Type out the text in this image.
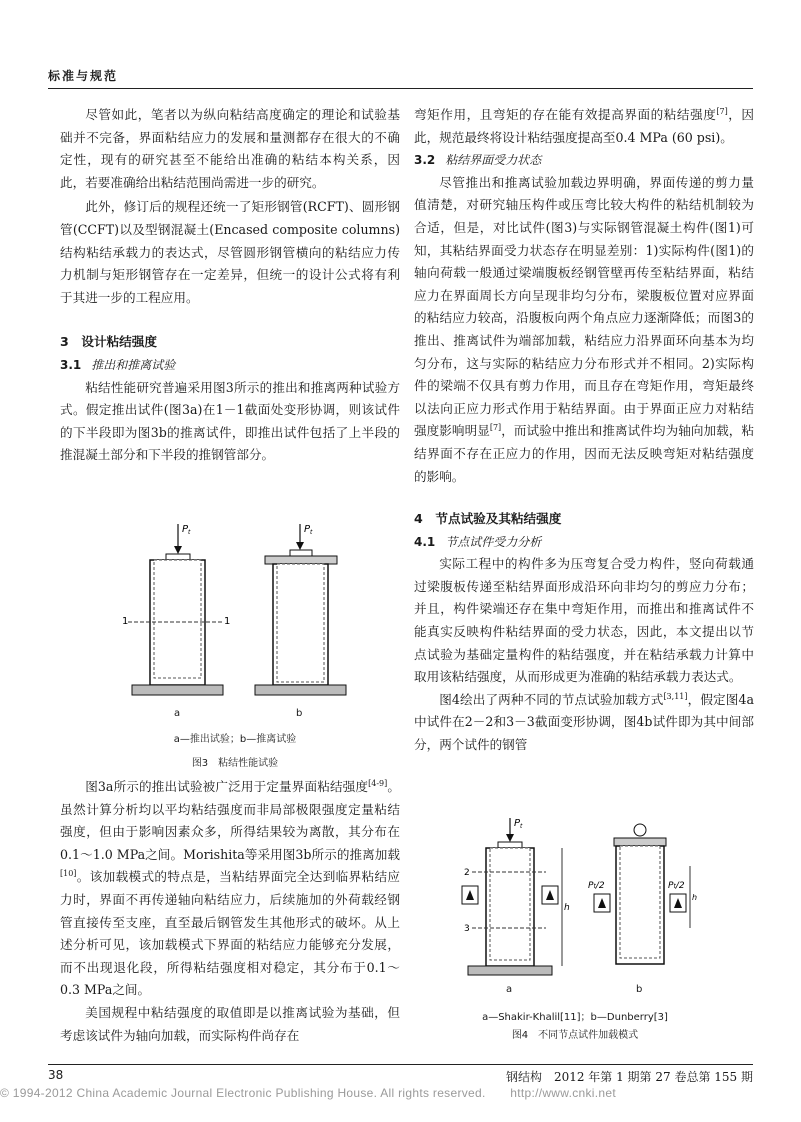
标准与规范

尽管如此，笔者以为纵向粘结高度确定的理论和试验基础并不完备，界面粘结应力的发展和量测都存在很大的不确定性，现有的研究甚至不能给出准确的粘结本构关系，因此，若要准确给出粘结范围尚需进一步的研究。

此外，修订后的规程还统一了矩形钢管(RCFT)、圆形钢管(CCFT)以及型钢混凝土(Encased composite columns)结构粘结承载力的表达式，尽管圆形钢管横向的粘结应力传力机制与矩形钢管存在一定差异，但统一的设计公式将有利于其进一步的工程应用。

3　设计粘结强度

3.1 推出和推离试验

粘结性能研究普遍采用图3所示的推出和推离两种试验方式。假定推出试件(图3a)在1－1截面处变形协调，则该试件的下半段即为图3b的推离试件，即推出试件包括了上半段的推混凝土部分和下半段的推钢管部分。

$P_t$
1	1
$P_t$
a	b
a—推出试验；b—推离试验
图3　粘结性能试验

图3a所示的推出试验被广泛用于定量界面粘结强度[4-9]。虽然计算分析均以平均粘结强度而非局部极限强度定量粘结强度，但由于影响因素众多，所得结果较为离散，其分布在0.1～1.0 MPa之间。Morishita等采用图3b所示的推离加载[10]。该加载模式的特点是，当粘结界面完全达到临界粘结应力时，界面不再传递轴向粘结应力，后续施加的外荷载经钢管直接传至支座，直至最后钢管发生其他形式的破坏。从上述分析可见，该加载模式下界面的粘结应力能够充分发展，而不出现退化段，所得粘结强度相对稳定，其分布于0.1～0.3 MPa之间。

美国规程中粘结强度的取值即是以推离试验为基础，但考虑该试件为轴向加载，而实际构件尚存在

弯矩作用，且弯矩的存在能有效提高界面的粘结强度[7]，因此，规范最终将设计粘结强度提高至0.4 MPa (60 psi)。

3.2 粘结界面受力状态

尽管推出和推离试验加载边界明确，界面传递的剪力量值清楚，对研究轴压构件或压弯比较大构件的粘结机制较为合适，但是，对比试件(图3)与实际钢管混凝土构件(图1)可知，其粘结界面受力状态存在明显差别：1)实际构件(图1)的轴向荷载一般通过梁端腹板经钢管壁再传至粘结界面，粘结应力在界面周长方向呈现非均匀分布，梁腹板位置对应界面的粘结应力较高，沿腹板向两个角点应力逐渐降低；而图3的推出、推离试件为端部加载，粘结应力沿界面环向基本为均匀分布，这与实际的粘结应力分布形式并不相同。2)实际构件的梁端不仅具有剪力作用，而且存在弯矩作用，弯矩最终以法向正应力形式作用于粘结界面。由于界面正应力对粘结强度影响明显[7]，而试验中推出和推离试件均为轴向加载，粘结界面不存在正应力的作用，因而无法反映弯矩对粘结强度的影响。

4　节点试验及其粘结强度

4.1 节点试件受力分析

实际工程中的构件多为压弯复合受力构件，竖向荷载通过梁腹板传递至粘结界面形成沿环向非均匀的剪应力分布；并且，构件梁端还存在集中弯矩作用，而推出和推离试件不能真实反映构件粘结界面的受力状态，因此，本文提出以节点试验为基础定量构件的粘结强度，并在粘结承载力计算中取用该粘结强度，从而形成更为准确的粘结承载力表达式。

图4绘出了两种不同的节点试验加载方式[3,11]，假定图4a中试件在2－2和3－3截面变形协调，图4b试件即为其中间部分，两个试件的钢管

$P_t$
2
3
h
Pt/2	Pt/2
h
a	b
a—Shakir-Khalil[11]；b—Dunberry[3]
图4　不同节点试件加载模式
38	钢结构　2012 年第 1 期第 27 卷总第 155 期
© 1994-2012 China Academic Journal Electronic Publishing House. All rights reserved.　　http://www.cnki.net
